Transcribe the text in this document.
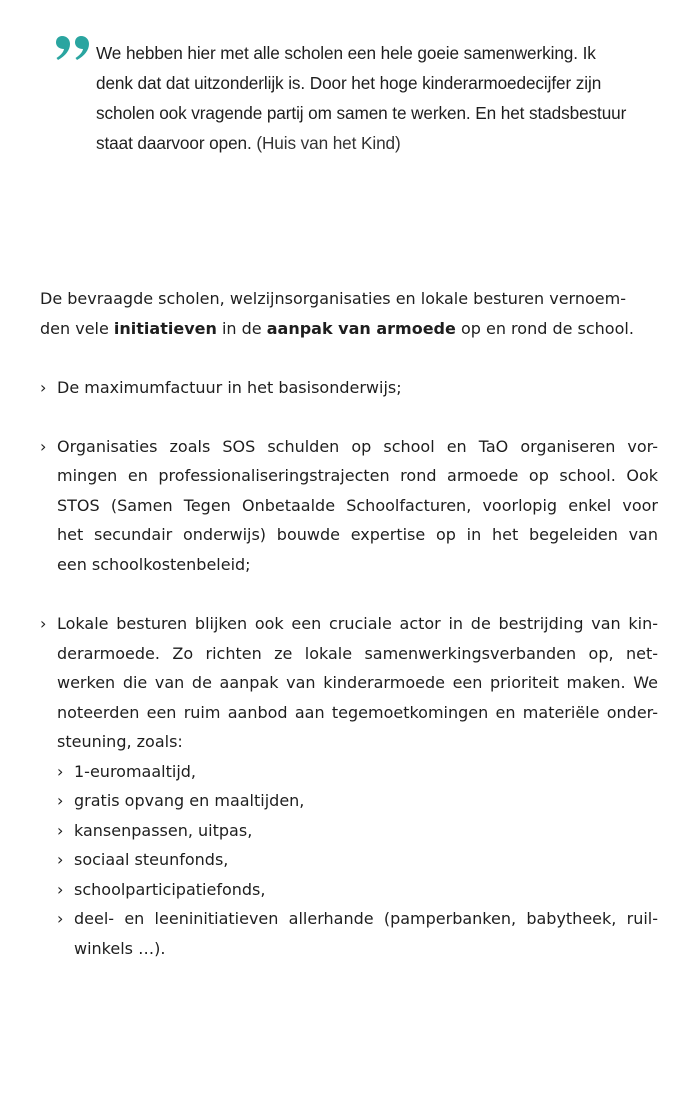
We hebben hier met alle scholen een hele goeie samenwerking. Ik
denk dat dat uitzonderlijk is. Door het hoge kinderarmoedecijfer zijn
scholen ook vragende partij om samen te werken. En het stadsbestuur
staat daarvoor open. (Huis van het Kind)

De bevraagde scholen, welzijnsorganisaties en lokale besturen vernoem-
den vele initiatieven in de aanpak van armoede op en rond de school.

› De maximumfactuur in het basisonderwijs;
› Organisaties zoals SOS schulden op school en TaO organiseren vor-
mingen en professionaliseringstrajecten rond armoede op school. Ook
STOS (Samen Tegen Onbetaalde Schoolfacturen, voorlopig enkel voor
het secundair onderwijs) bouwde expertise op in het begeleiden van
een schoolkostenbeleid;
› Lokale besturen blijken ook een cruciale actor in de bestrijding van kin-
derarmoede. Zo richten ze lokale samenwerkingsverbanden op, net-
werken die van de aanpak van kinderarmoede een prioriteit maken. We
noteerden een ruim aanbod aan tegemoetkomingen en materiële onder-
steuning, zoals:
› 1-euromaaltijd,
› gratis opvang en maaltijden,
› kansenpassen, uitpas,
› sociaal steunfonds,
› schoolparticipatiefonds,
› deel- en leeninitiatieven allerhande (pamperbanken, babytheek, ruil-
winkels …).
